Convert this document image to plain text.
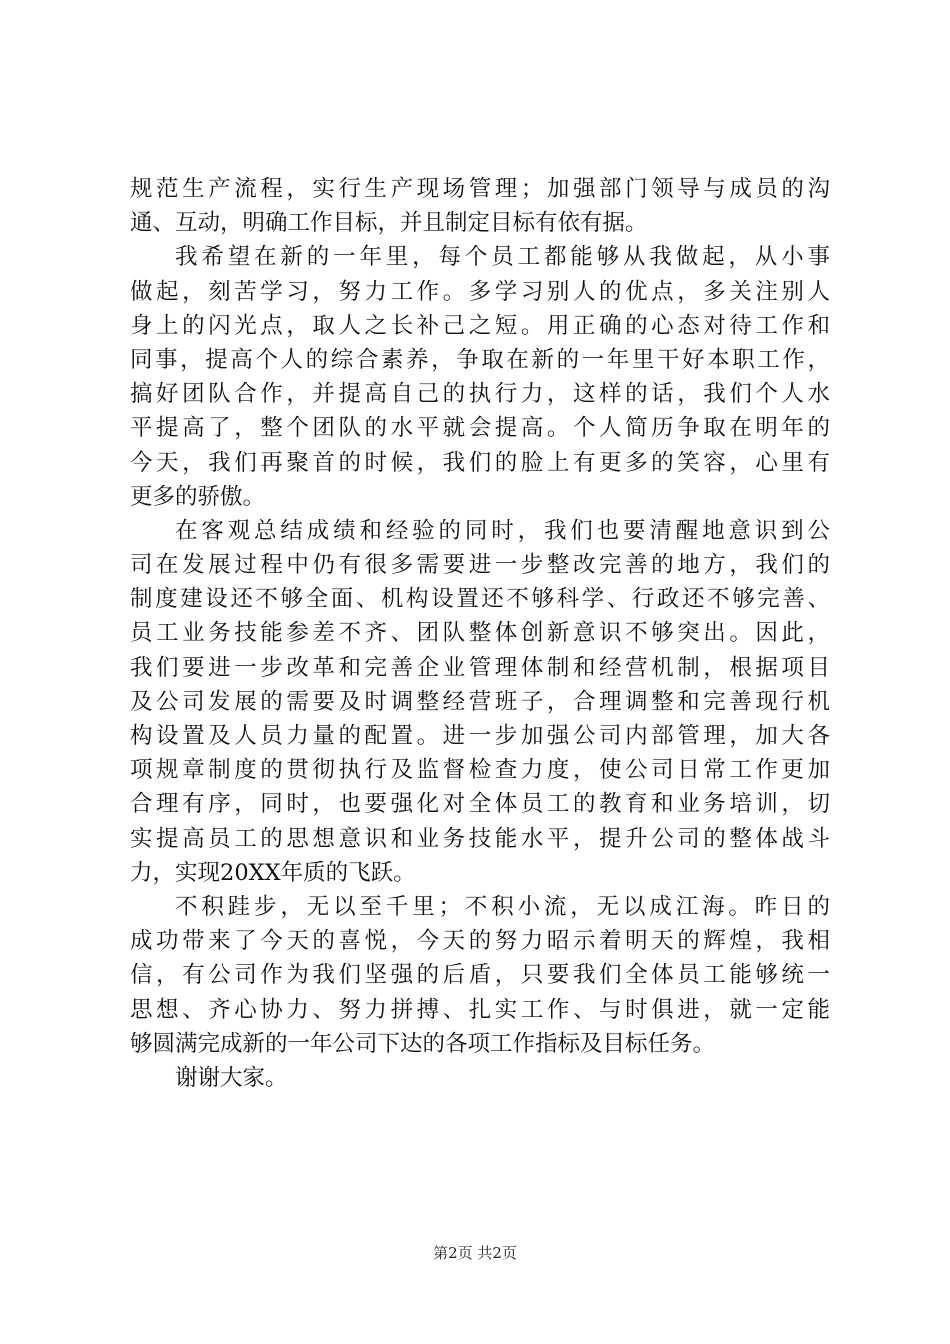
规范生产流程，实行生产现场管理；加强部门领导与成员的沟
通、互动，明确工作目标，并且制定目标有依有据。
我希望在新的一年里，每个员工都能够从我做起，从小事
做起，刻苦学习，努力工作。多学习别人的优点，多关注别人
身上的闪光点，取人之长补己之短。用正确的心态对待工作和
同事，提高个人的综合素养，争取在新的一年里干好本职工作，
搞好团队合作，并提高自己的执行力，这样的话，我们个人水
平提高了，整个团队的水平就会提高。个人简历争取在明年的
今天，我们再聚首的时候，我们的脸上有更多的笑容，心里有
更多的骄傲。
在客观总结成绩和经验的同时，我们也要清醒地意识到公
司在发展过程中仍有很多需要进一步整改完善的地方，我们的
制度建设还不够全面、机构设置还不够科学、行政还不够完善、
员工业务技能参差不齐、团队整体创新意识不够突出。因此，
我们要进一步改革和完善企业管理体制和经营机制，根据项目
及公司发展的需要及时调整经营班子，合理调整和完善现行机
构设置及人员力量的配置。进一步加强公司内部管理，加大各
项规章制度的贯彻执行及监督检查力度，使公司日常工作更加
合理有序，同时，也要强化对全体员工的教育和业务培训，切
实提高员工的思想意识和业务技能水平，提升公司的整体战斗
力，实现20XX年质的飞跃。
不积跬步，无以至千里；不积小流，无以成江海。昨日的
成功带来了今天的喜悦，今天的努力昭示着明天的辉煌，我相
信，有公司作为我们坚强的后盾，只要我们全体员工能够统一
思想、齐心协力、努力拼搏、扎实工作、与时俱进，就一定能
够圆满完成新的一年公司下达的各项工作指标及目标任务。
谢谢大家。
第2页 共2页
